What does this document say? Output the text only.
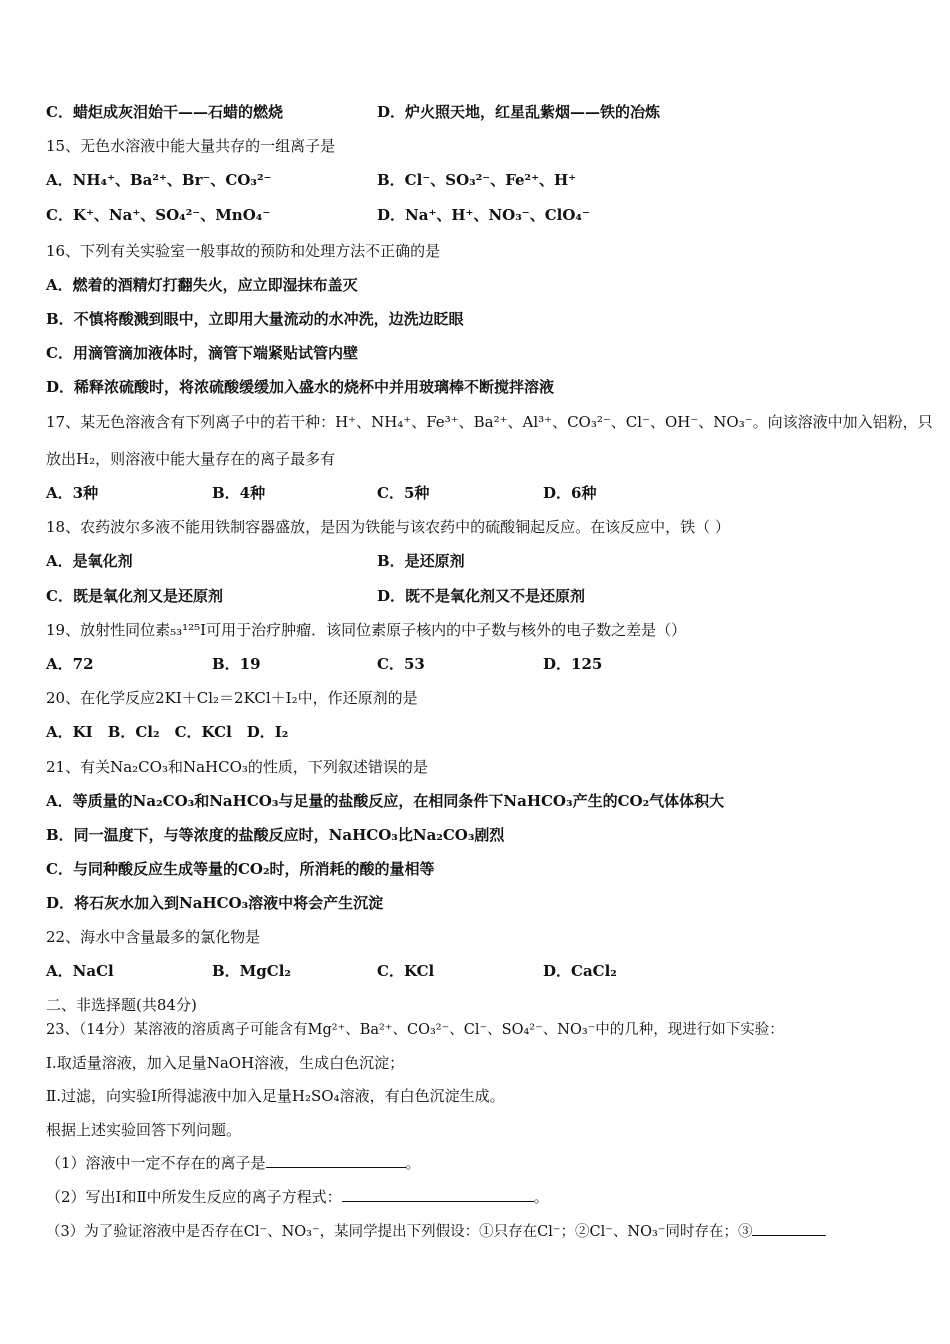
C．蜡炬成灰泪始干——石蜡的燃烧	D．炉火照天地，红星乱紫烟——铁的冶炼
15、无色水溶液中能大量共存的一组离子是
A．NH₄⁺、Ba²⁺、Br⁻、CO₃²⁻	B．Cl⁻、SO₃²⁻、Fe²⁺、H⁺
C．K⁺、Na⁺、SO₄²⁻、MnO₄⁻	D．Na⁺、H⁺、NO₃⁻、ClO₄⁻
16、下列有关实验室一般事故的预防和处理方法不正确的是
A．燃着的酒精灯打翻失火，应立即湿抹布盖灭
B．不慎将酸溅到眼中，立即用大量流动的水冲洗，边洗边眨眼
C．用滴管滴加液体时，滴管下端紧贴试管内壁
D．稀释浓硫酸时，将浓硫酸缓缓加入盛水的烧杯中并用玻璃棒不断搅拌溶液
17、某无色溶液含有下列离子中的若干种：H⁺、NH₄⁺、Fe³⁺、Ba²⁺、Al³⁺、CO₃²⁻、Cl⁻、OH⁻、NO₃⁻。向该溶液中加入铝粉，只
放出H₂，则溶液中能大量存在的离子最多有
A．3种	B．4种	C．5种	D．6种
18、农药波尔多液不能用铁制容器盛放，是因为铁能与该农药中的硫酸铜起反应。在该反应中，铁（ ）
A．是氧化剂	B．是还原剂
C．既是氧化剂又是还原剂	D．既不是氧化剂又不是还原剂
19、放射性同位素₅₃¹²⁵I可用于治疗肿瘤．该同位素原子核内的中子数与核外的电子数之差是（）
A．72	B．19	C．53	D．125
20、在化学反应2KI＋Cl₂＝2KCl＋I₂中，作还原剂的是
A．KI　B．Cl₂　C．KCl　D．I₂
21、有关Na₂CO₃和NaHCO₃的性质，下列叙述错误的是
A．等质量的Na₂CO₃和NaHCO₃与足量的盐酸反应，在相同条件下NaHCO₃产生的CO₂气体体积大
B．同一温度下，与等浓度的盐酸反应时，NaHCO₃比Na₂CO₃剧烈
C．与同种酸反应生成等量的CO₂时，所消耗的酸的量相等
D．将石灰水加入到NaHCO₃溶液中将会产生沉淀
22、海水中含量最多的氯化物是
A．NaCl	B．MgCl₂	C．KCl	D．CaCl₂
二、非选择题(共84分)
23、（14分）某溶液的溶质离子可能含有Mg²⁺、Ba²⁺、CO₃²⁻、Cl⁻、SO₄²⁻、NO₃⁻中的几种，现进行如下实验：
Ⅰ.取适量溶液，加入足量NaOH溶液，生成白色沉淀；
Ⅱ.过滤，向实验Ⅰ所得滤液中加入足量H₂SO₄溶液，有白色沉淀生成。
根据上述实验回答下列问题。
（1）溶液中一定不存在的离子是	。
（2）写出Ⅰ和Ⅱ中所发生反应的离子方程式：	。
（3）为了验证溶液中是否存在Cl⁻、NO₃⁻，某同学提出下列假设：①只存在Cl⁻；②Cl⁻、NO₃⁻同时存在；③
